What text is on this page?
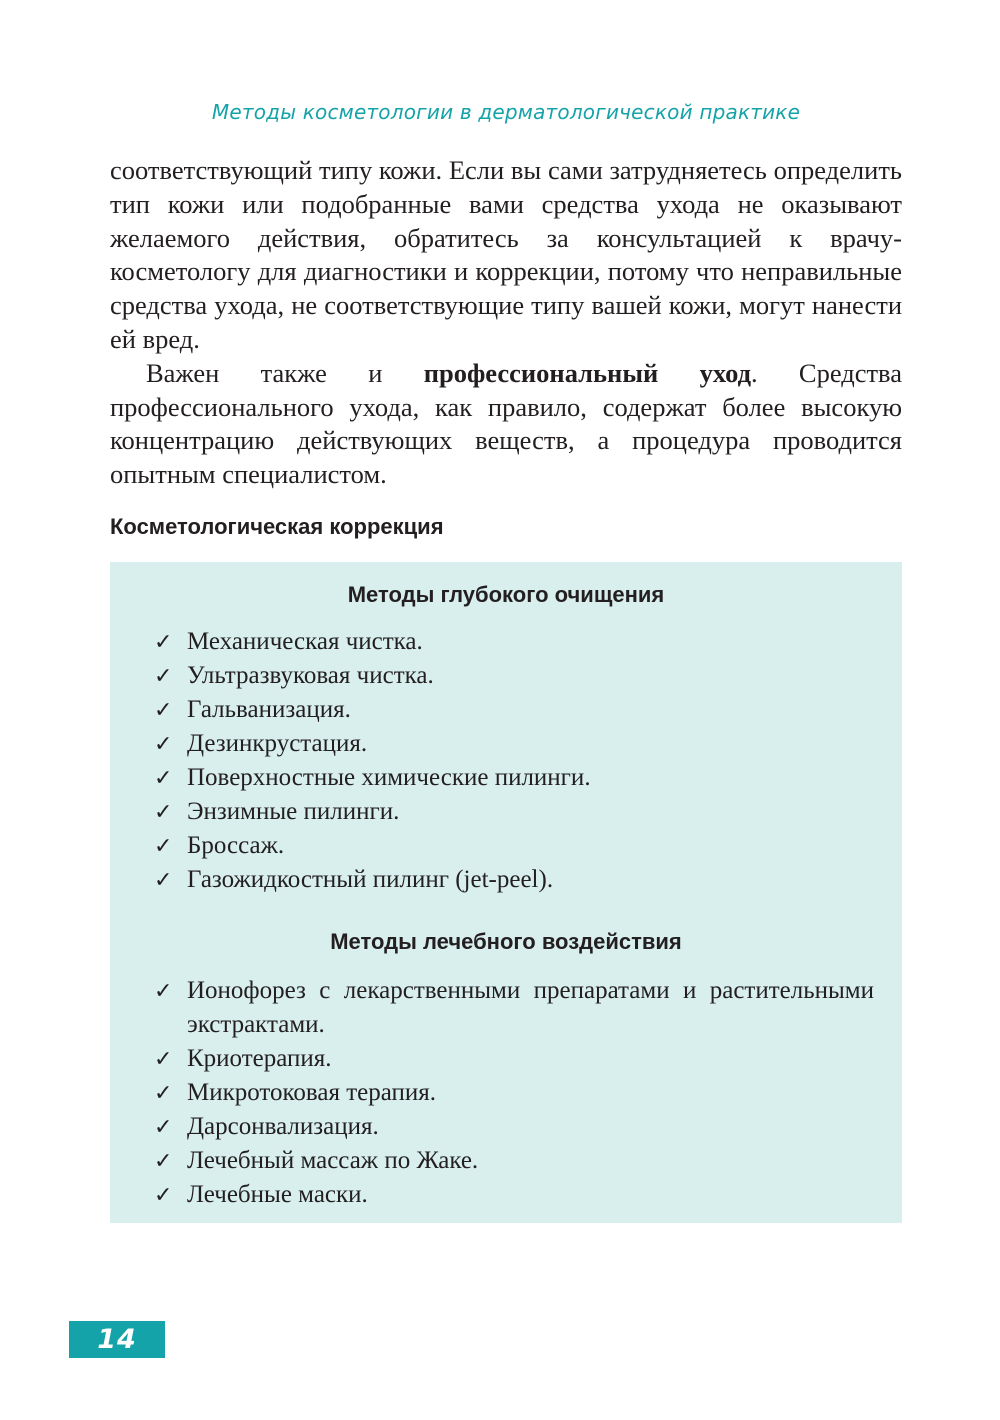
Методы косметологии в дерматологической практике

соответствующий типу кожи. Если вы сами затрудняетесь определить тип кожи или подобранные вами средства ухода не оказывают желаемого действия, обратитесь за консультацией к врачу-косметологу для диагностики и коррекции, потому что неправильные средства ухода, не соответствующие типу вашей кожи, могут нанести ей вред.

Важен также и профессиональный уход. Средства профессионального ухода, как правило, содержат более высокую концентрацию действующих веществ, а процедура проводится опытным специалистом.

Косметологическая коррекция
Методы глубокого очищения
✓ Механическая чистка.
✓ Ультразвуковая чистка.
✓ Гальванизация.
✓ Дезинкрустация.
✓ Поверхностные химические пилинги.
✓ Энзимные пилинги.
✓ Броссаж.
✓ Газожидкостный пилинг (jet-peel).
Методы лечебного воздействия
✓ Ионофорез с лекарственными препаратами и растительными экстрактами.
✓ Криотерапия.
✓ Микротоковая терапия.
✓ Дарсонвализация.
✓ Лечебный массаж по Жаке.
✓ Лечебные маски.
14
